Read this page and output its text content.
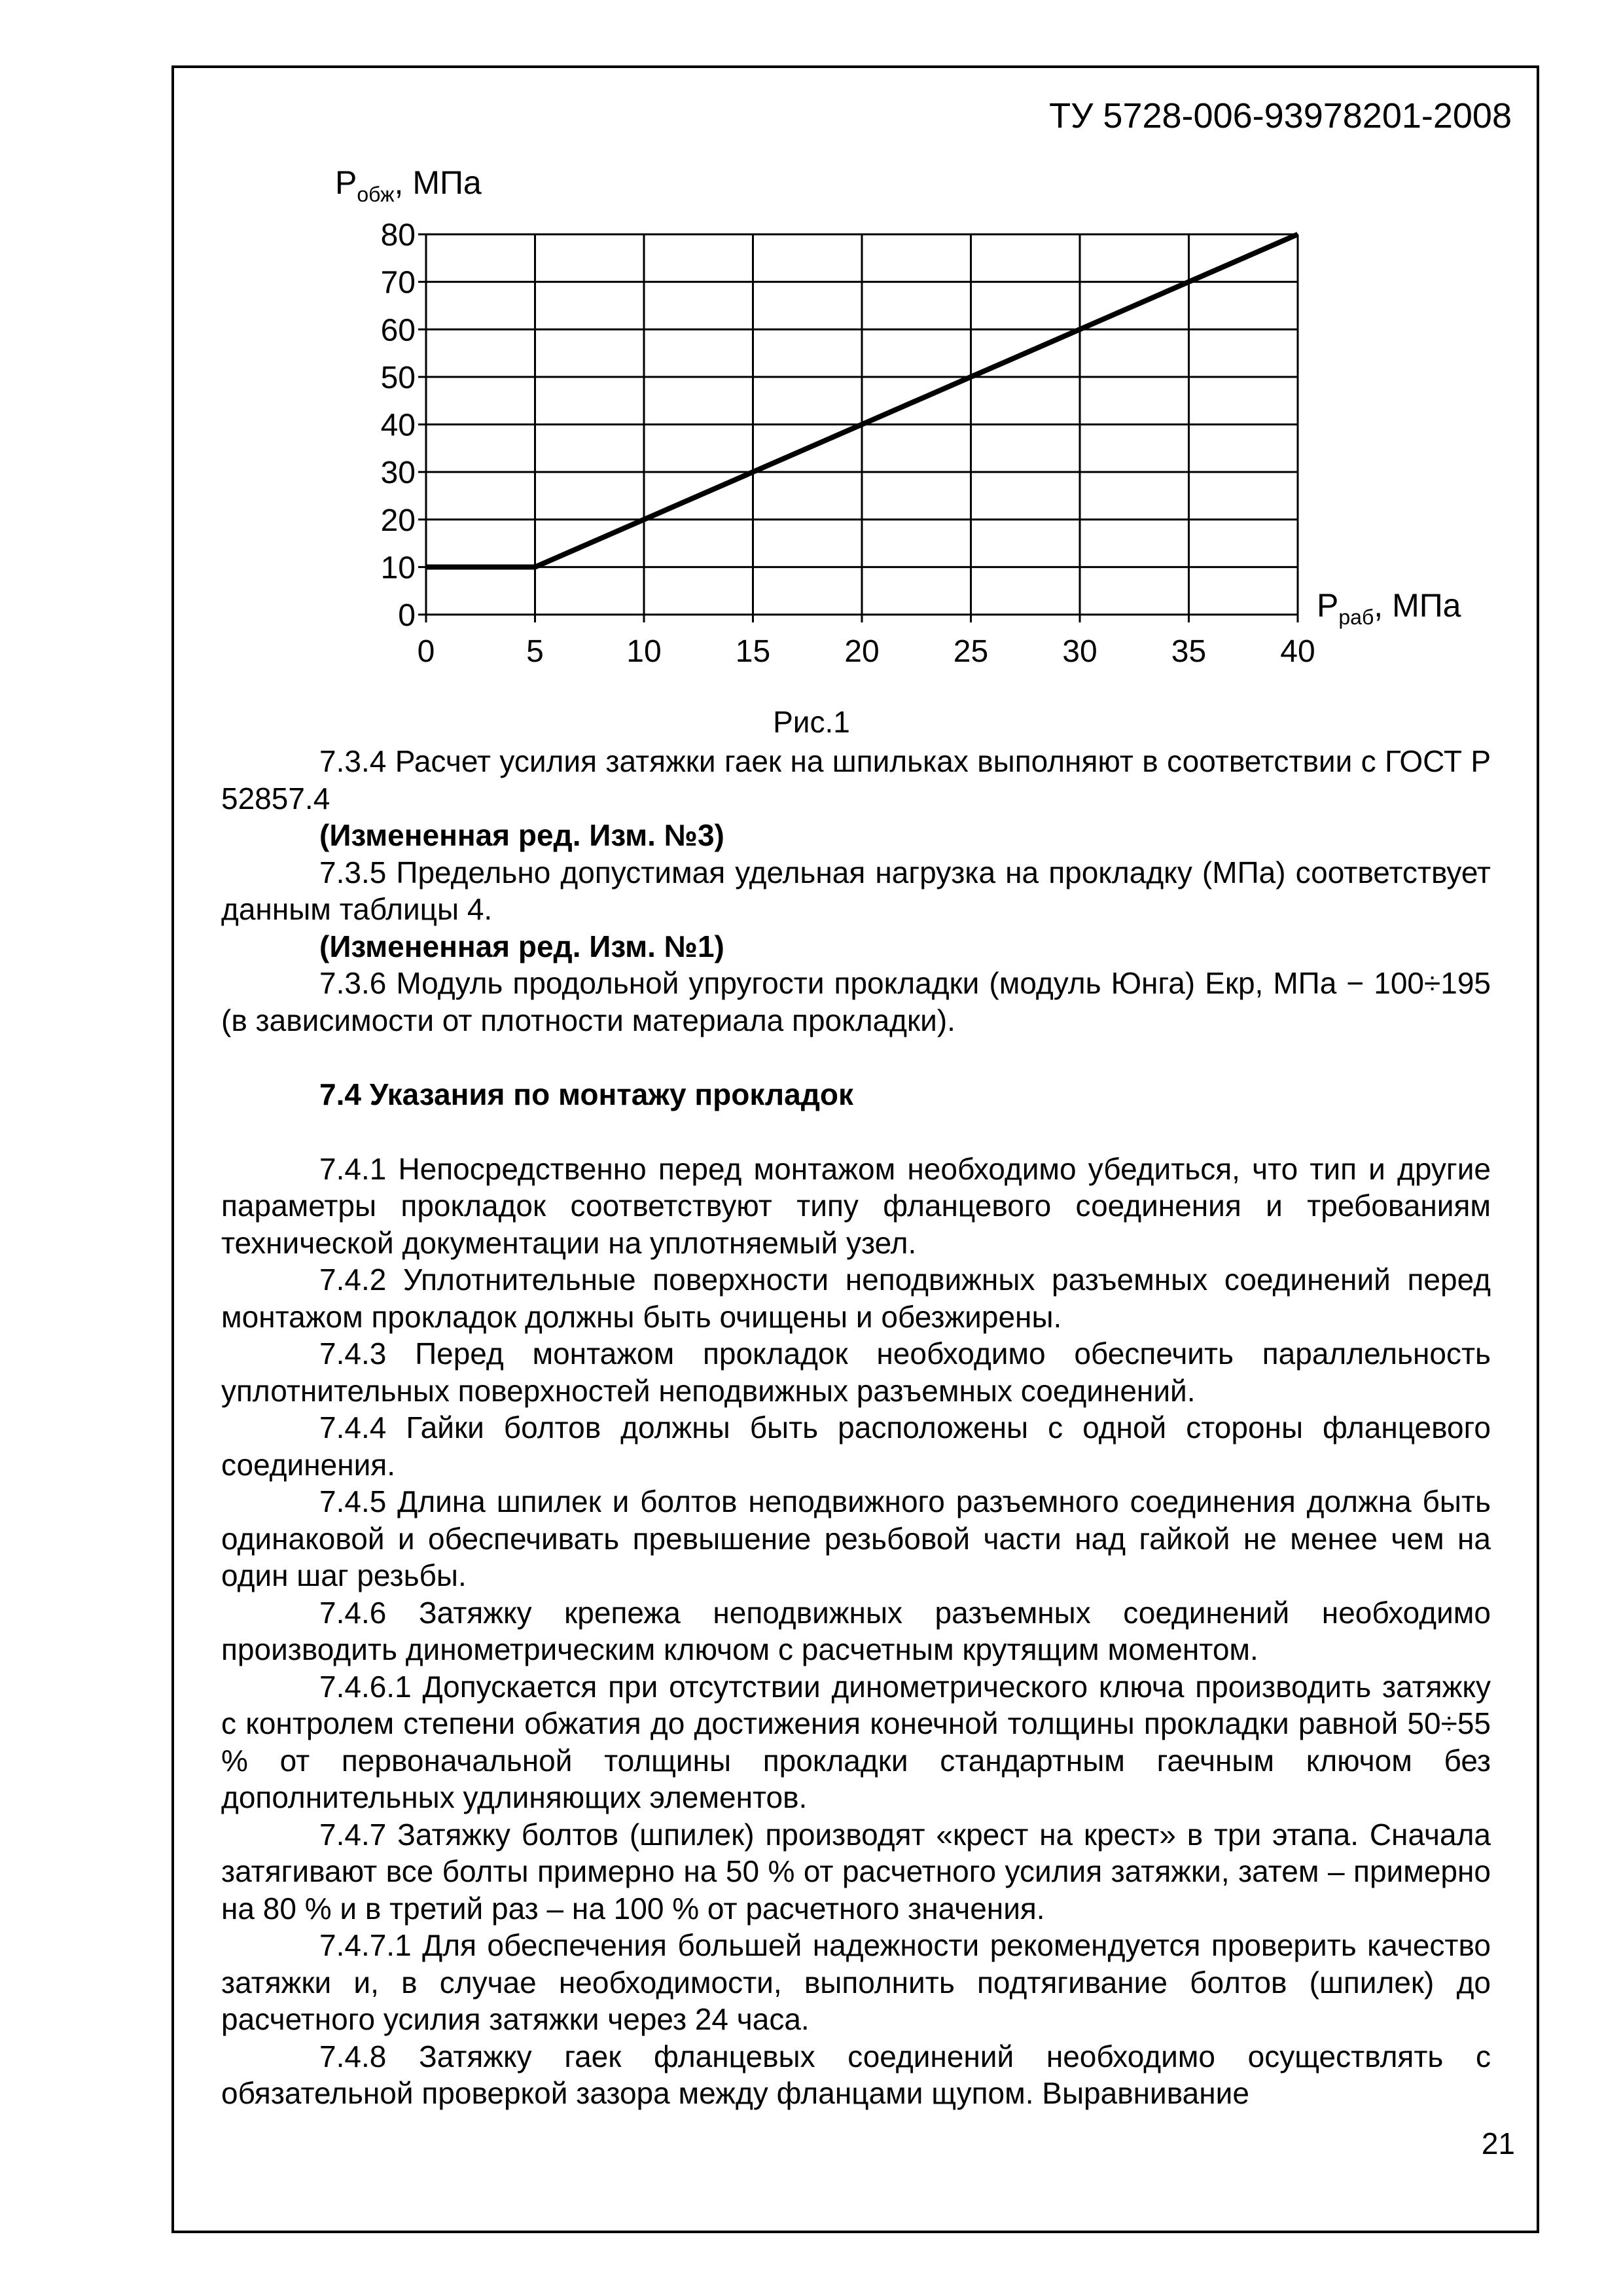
ТУ 5728-006-93978201-2008
0
10
20
30
40
50
60
70
80
0	5	10 15 20 25 30 35 40
$P_{обж}$, МПа
$P_{раб}$, МПа
Рис.1

7.3.4 Расчет усилия затяжки гаек на шпильках выполняют в соответствии с ГОСТ Р 52857.4

(Измененная ред. Изм. №3)

7.3.5 Предельно допустимая удельная нагрузка на прокладку (МПа) соответствует данным таблицы 4.

(Измененная ред. Изм. №1)

7.3.6 Модуль продольной упругости прокладки (модуль Юнга) Екр, МПа − 100÷195 (в зависимости от плотности материала прокладки).

7.4 Указания по монтажу прокладок

7.4.1 Непосредственно перед монтажом необходимо убедиться, что тип и другие параметры прокладок соответствуют типу фланцевого соединения и требованиям технической документации на уплотняемый узел.

7.4.2 Уплотнительные поверхности неподвижных разъемных соединений перед монтажом прокладок должны быть очищены и обезжирены.

7.4.3 Перед монтажом прокладок необходимо обеспечить параллельность уплотнительных поверхностей неподвижных разъемных соединений.

7.4.4 Гайки болтов должны быть расположены с одной стороны фланцевого соединения.

7.4.5 Длина шпилек и болтов неподвижного разъемного соединения должна быть одинаковой и обеспечивать превышение резьбовой части над гайкой не менее чем на один шаг резьбы.

7.4.6 Затяжку крепежа неподвижных разъемных соединений необходимо производить динометрическим ключом с расчетным крутящим моментом.

7.4.6.1 Допускается при отсутствии динометрического ключа производить затяжку с контролем степени обжатия до достижения конечной толщины прокладки равной 50÷55 % от первоначальной толщины прокладки стандартным гаечным ключом без дополнительных удлиняющих элементов.

7.4.7 Затяжку болтов (шпилек) производят «крест на крест» в три этапа. Сначала затягивают все болты примерно на 50 % от расчетного усилия затяжки, затем – примерно на 80 % и в третий раз – на 100 % от расчетного значения.

7.4.7.1 Для обеспечения большей надежности рекомендуется проверить качество затяжки и, в случае необходимости, выполнить подтягивание болтов (шпилек) до расчетного усилия затяжки через 24 часа.

7.4.8 Затяжку гаек фланцевых соединений необходимо осуществлять с обязательной проверкой зазора между фланцами щупом. Выравнивание

21
